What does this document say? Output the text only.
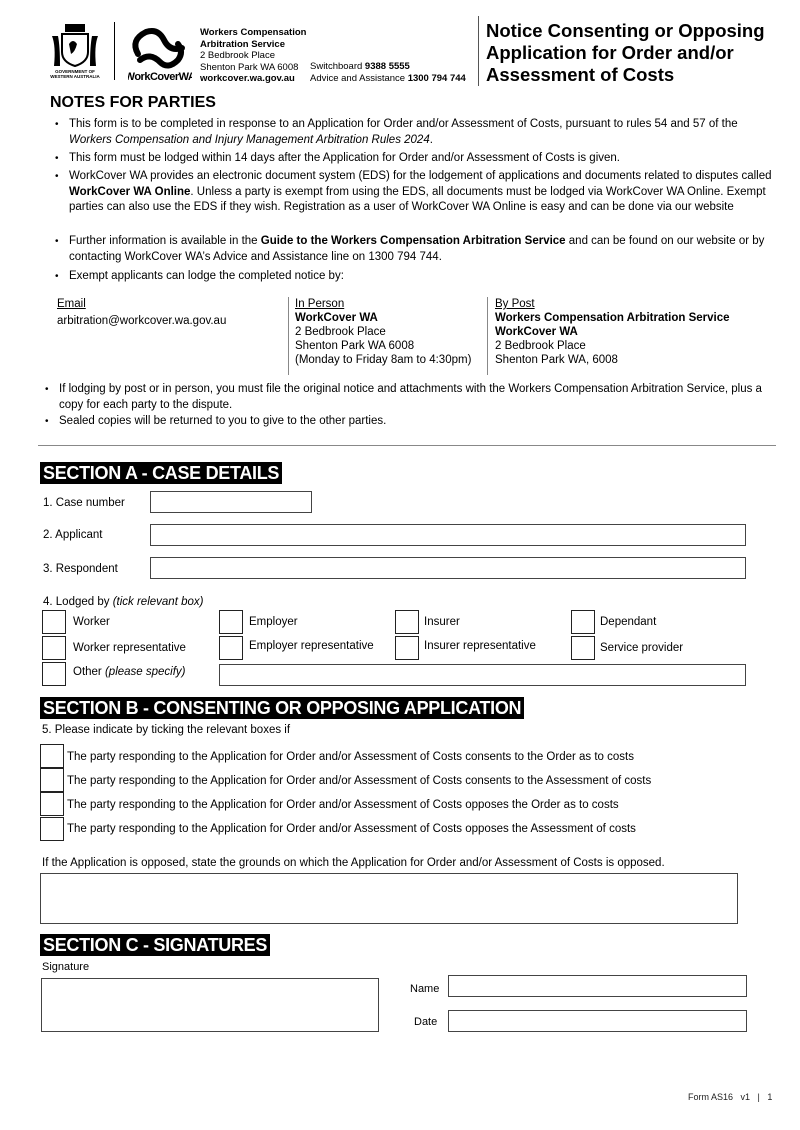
GOVERNMENT OF
WESTERN AUSTRALIA WorkCoverWA
Workers Compensation
Arbitration Service
2 Bedbrook Place
Shenton Park WA 6008
workcover.wa.gov.au
Switchboard 9388 5555
Advice and Assistance 1300 794 744
Notice Consenting or Opposing
Application for Order and/or
Assessment of Costs
NOTES FOR PARTIES
• This form is to be completed in response to an Application for Order and/or Assessment of Costs, pursuant to rules 54 and 57 of the Workers Compensation and Injury Management Arbitration Rules 2024.
• This form must be lodged within 14 days after the Application for Order and/or Assessment of Costs is given.
• WorkCover WA provides an electronic document system (EDS) for the lodgement of applications and documents related to disputes called WorkCover WA Online. Unless a party is exempt from using the EDS, all documents must be lodged via WorkCover WA Online. Exempt parties can also use the EDS if they wish. Registration as a user of WorkCover WA Online is easy and can be done via our website
• Further information is available in the Guide to the Workers Compensation Arbitration Service and can be found on our website or by contacting WorkCover WA’s Advice and Assistance line on 1300 794 744.
• Exempt applicants can lodge the completed notice by:
Email
arbitration@workcover.wa.gov.au
In Person
WorkCover WA
2 Bedbrook Place
Shenton Park WA 6008
(Monday to Friday 8am to 4:30pm)
By Post
Workers Compensation Arbitration Service
WorkCover WA
2 Bedbrook Place
Shenton Park WA, 6008
• If lodging by post or in person, you must file the original notice and attachments with the Workers Compensation Arbitration Service, plus a copy for each party to the dispute.
• Sealed copies will be returned to you to give to the other parties.
SECTION A - CASE DETAILS
1. Case number
2. Applicant
3. Respondent
4. Lodged by (tick relevant box)
Worker	Employer	Insurer	Dependant
Worker representative	Employer representative	Insurer representative	Service provider
Other (please specify)
SECTION B - CONSENTING OR OPPOSING APPLICATION
5. Please indicate by ticking the relevant boxes if
The party responding to the Application for Order and/or Assessment of Costs consents to the Order as to costs
The party responding to the Application for Order and/or Assessment of Costs consents to the Assessment of costs
The party responding to the Application for Order and/or Assessment of Costs opposes the Order as to costs
The party responding to the Application for Order and/or Assessment of Costs opposes the Assessment of costs
If the Application is opposed, state the grounds on which the Application for Order and/or Assessment of Costs is opposed.
SECTION C - SIGNATURES
Signature
Name
Date
Form AS16   v1   |   1
